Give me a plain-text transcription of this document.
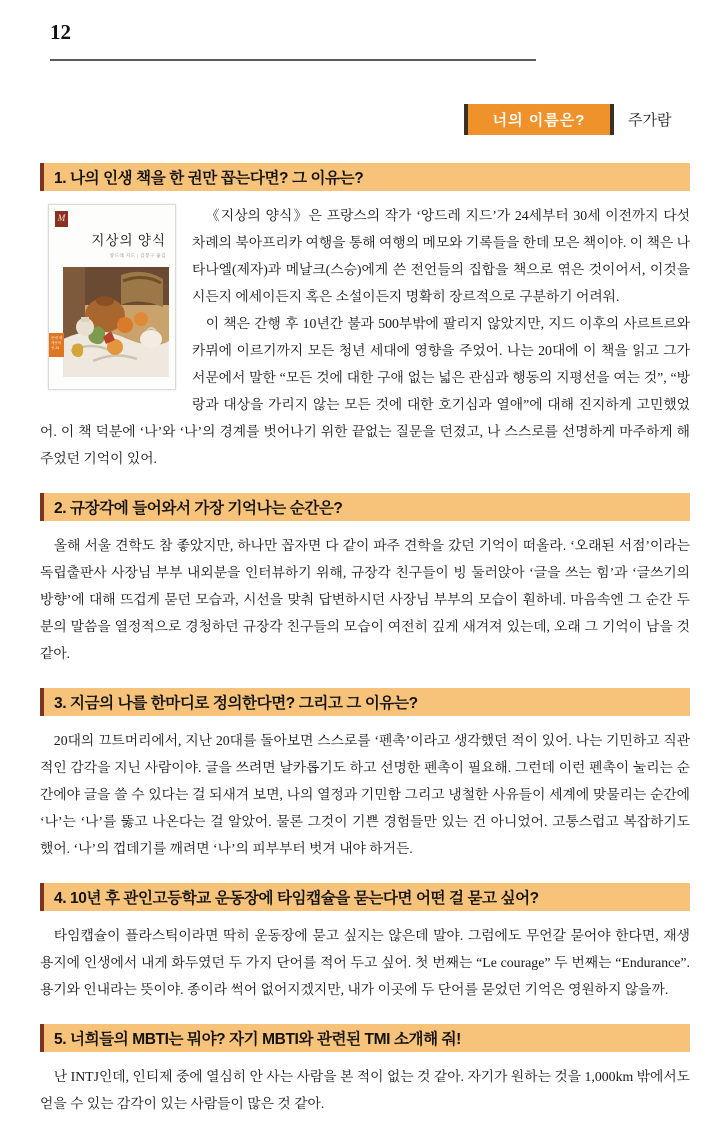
12
너의 이름은?	주가람
1. 나의 인생 책을 한 권만 꼽는다면? 그 이유는?
M
지상의 양식
앙드레 지드 | 김봉구 옮김
문예 세계문학선 24

《지상의 양식》은 프랑스의 작가 ‘앙드레 지드’가 24세부터 30세 이전까지 다섯 차례의 북아프리카 여행을 통해 여행의 메모와 기록들을 한데 모은 책이야. 이 책은 나타나엘(제자)과 메날크(스승)에게 쓴 전언들의 집합을 책으로 엮은 것이어서, 이것을 시든지 에세이든지 혹은 소설이든지 명확히 장르적으로 구분하기 어려워.

이 책은 간행 후 10년간 불과 500부밖에 팔리지 않았지만, 지드 이후의 사르트르와 카뮈에 이르기까지 모든 청년 세대에 영향을 주었어. 나는 20대에 이 책을 읽고 그가 서문에서 말한 “모든 것에 대한 구애 없는 넓은 관심과 행동의 지평선을 여는 것”, “방랑과 대상을 가리지 않는 모든 것에 대한 호기심과 열애”에 대해 진지하게 고민했었어. 이 책 덕분에 ‘나’와 ‘나’의 경계를 벗어나기 위한 끝없는 질문을 던졌고, 나 스스로를 선명하게 마주하게 해 주었던 기억이 있어.

2. 규장각에 들어와서 가장 기억나는 순간은?

올해 서울 견학도 참 좋았지만, 하나만 꼽자면 다 같이 파주 견학을 갔던 기억이 떠올라. ‘오래된 서점’이라는 독립출판사 사장님 부부 내외분을 인터뷰하기 위해, 규장각 친구들이 빙 둘러앉아 ‘글을 쓰는 힘’과 ‘글쓰기의 방향’에 대해 뜨겁게 묻던 모습과, 시선을 맞춰 답변하시던 사장님 부부의 모습이 훤하네. 마음속엔 그 순간 두 분의 말씀을 열정적으로 경청하던 규장각 친구들의 모습이 여전히 깊게 새겨져 있는데, 오래 그 기억이 남을 것 같아.

3. 지금의 나를 한마디로 정의한다면? 그리고 그 이유는?

20대의 끄트머리에서, 지난 20대를 돌아보면 스스로를 ‘펜촉’이라고 생각했던 적이 있어. 나는 기민하고 직관적인 감각을 지닌 사람이야. 글을 쓰려면 날카롭기도 하고 선명한 펜촉이 필요해. 그런데 이런 펜촉이 눌리는 순간에야 글을 쓸 수 있다는 걸 되새겨 보면, 나의 열정과 기민함 그리고 냉철한 사유들이 세계에 맞물리는 순간에 ‘나’는 ‘나’를 뚫고 나온다는 걸 알았어. 물론 그것이 기쁜 경험들만 있는 건 아니었어. 고통스럽고 복잡하기도 했어. ‘나’의 껍데기를 깨려면 ‘나’의 피부부터 벗겨 내야 하거든.

4. 10년 후 관인고등학교 운동장에 타임캡슐을 묻는다면 어떤 걸 묻고 싶어?

타임캡슐이 플라스틱이라면 딱히 운동장에 묻고 싶지는 않은데 말야. 그럼에도 무언갈 묻어야 한다면, 재생 용지에 인생에서 내게 화두였던 두 가지 단어를 적어 두고 싶어. 첫 번째는 “Le courage” 두 번째는 “Endurance”. 용기와 인내라는 뜻이야. 종이라 썩어 없어지겠지만, 내가 이곳에 두 단어를 묻었던 기억은 영원하지 않을까.

5. 너희들의 MBTI는 뭐야? 자기 MBTI와 관련된 TMI 소개해 줘!

난 INTJ인데, 인티제 중에 열심히 안 사는 사람을 본 적이 없는 것 같아. 자기가 원하는 것을 1,000km 밖에서도 얻을 수 있는 감각이 있는 사람들이 많은 것 같아.
